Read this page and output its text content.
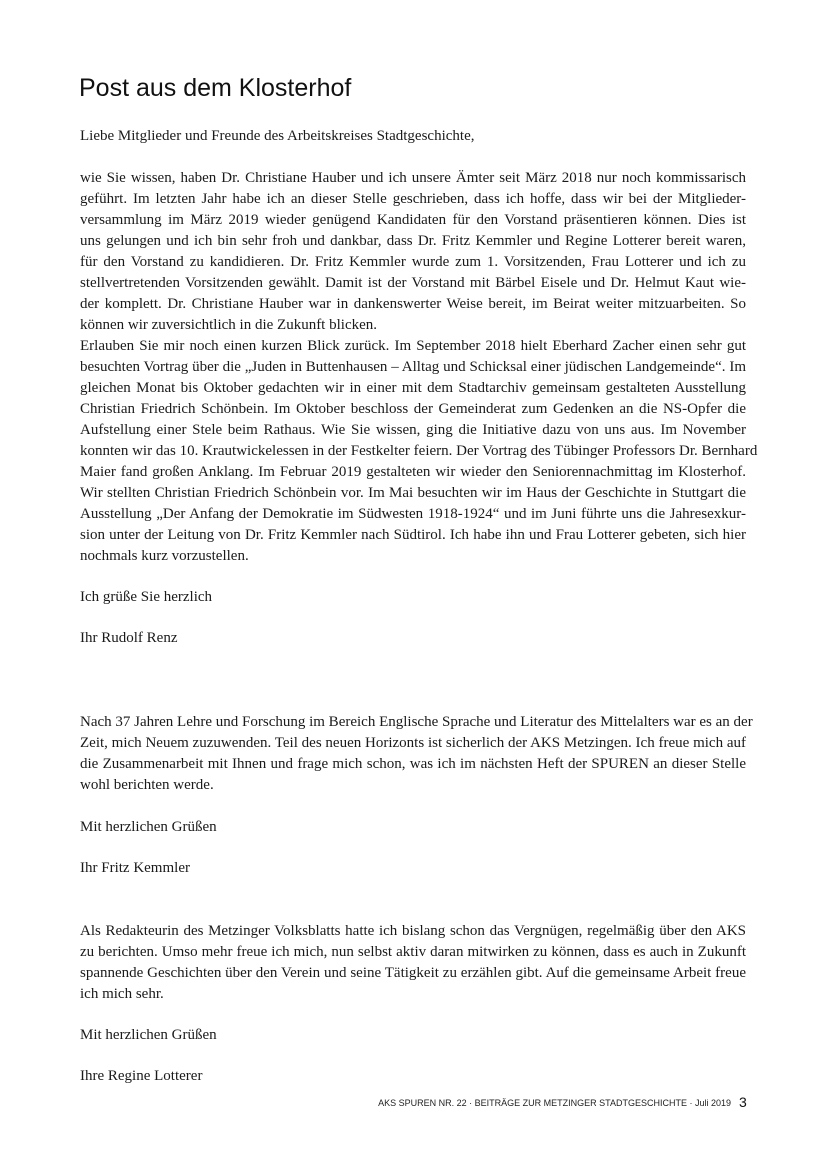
Post aus dem Klosterhof

Liebe Mitglieder und Freunde des Arbeitskreises Stadtgeschichte,

wie Sie wissen, haben Dr. Christiane Hauber und ich unsere Ämter seit März 2018 nur noch kommissarisch

geführt. Im letzten Jahr habe ich an dieser Stelle geschrieben, dass ich hoffe, dass wir bei der Mitglieder-

versammlung im März 2019 wieder genügend Kandidaten für den Vorstand präsentieren können. Dies ist

uns gelungen und ich bin sehr froh und dankbar, dass Dr. Fritz Kemmler und Regine Lotterer bereit waren,

für den Vorstand zu kandidieren. Dr. Fritz Kemmler wurde zum 1. Vorsitzenden, Frau Lotterer und ich zu

stellvertretenden Vorsitzenden gewählt. Damit ist der Vorstand mit Bärbel Eisele und Dr. Helmut Kaut wie-

der komplett. Dr. Christiane Hauber war in dankenswerter Weise bereit, im Beirat weiter mitzuarbeiten. So

können wir zuversichtlich in die Zukunft blicken.

Erlauben Sie mir noch einen kurzen Blick zurück. Im September 2018 hielt Eberhard Zacher einen sehr gut

besuchten Vortrag über die „Juden in Buttenhausen – Alltag und Schicksal einer jüdischen Landgemeinde“. Im

gleichen Monat bis Oktober gedachten wir in einer mit dem Stadtarchiv gemeinsam gestalteten Ausstellung

Christian Friedrich Schönbein. Im Oktober beschloss der Gemeinderat zum Gedenken an die NS-Opfer die

Aufstellung einer Stele beim Rathaus. Wie Sie wissen, ging die Initiative dazu von uns aus. Im November

konnten wir das 10. Krautwickelessen in der Festkelter feiern. Der Vortrag des Tübinger Professors Dr. Bernhard

Maier fand großen Anklang. Im Februar 2019 gestalteten wir wieder den Seniorennachmittag im Klosterhof.

Wir stellten Christian Friedrich Schönbein vor. Im Mai besuchten wir im Haus der Geschichte in Stuttgart die

Ausstellung „Der Anfang der Demokratie im Südwesten 1918-1924“ und im Juni führte uns die Jahresexkur-

sion unter der Leitung von Dr. Fritz Kemmler nach Südtirol. Ich habe ihn und Frau Lotterer gebeten, sich hier

nochmals kurz vorzustellen.

Ich grüße Sie herzlich

Ihr Rudolf Renz

Nach 37 Jahren Lehre und Forschung im Bereich Englische Sprache und Literatur des Mittelalters war es an der

Zeit, mich Neuem zuzuwenden. Teil des neuen Horizonts ist sicherlich der AKS Metzingen. Ich freue mich auf

die Zusammenarbeit mit Ihnen und frage mich schon, was ich im nächsten Heft der SPUREN an dieser Stelle

wohl berichten werde.

Mit herzlichen Grüßen

Ihr Fritz Kemmler

Als Redakteurin des Metzinger Volksblatts hatte ich bislang schon das Vergnügen, regelmäßig über den AKS

zu berichten. Umso mehr freue ich mich, nun selbst aktiv daran mitwirken zu können, dass es auch in Zukunft

spannende Geschichten über den Verein und seine Tätigkeit zu erzählen gibt. Auf die gemeinsame Arbeit freue

ich mich sehr.

Mit herzlichen Grüßen

Ihre Regine Lotterer

AKS SPUREN NR. 22 · BEITRÄGE ZUR METZINGER STADTGESCHICHTE · Juli 2019 3
